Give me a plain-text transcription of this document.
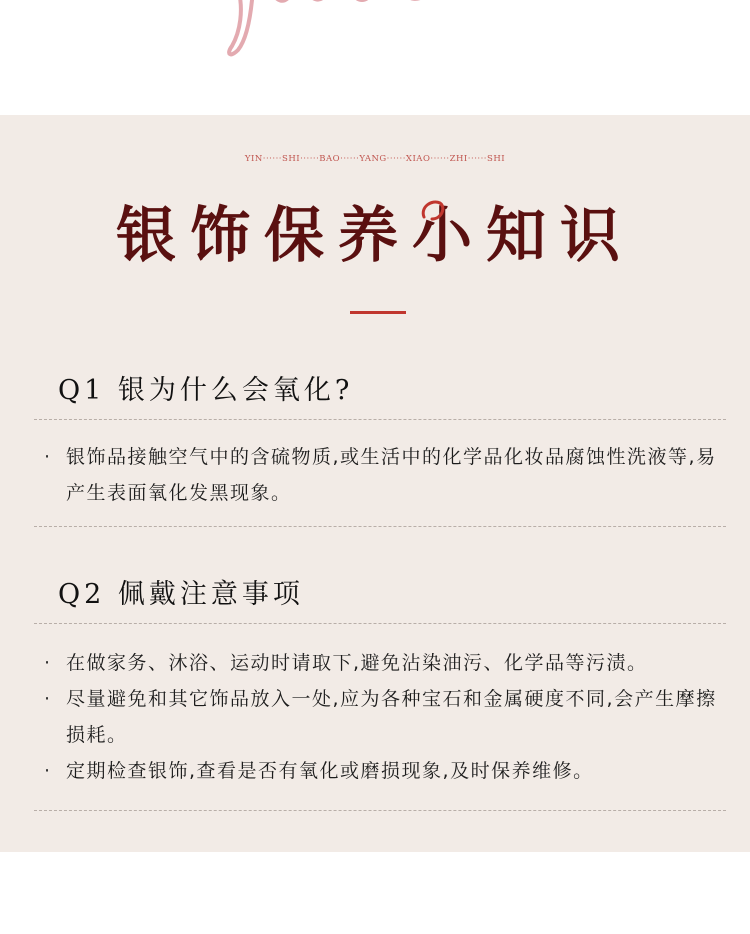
YIN······SHI······BAO······YANG······XIAO······ZHI······SHI
银饰保养小知识
Q1 银为什么会氧化?
· 银饰品接触空气中的含硫物质,或生活中的化学品化妆品腐蚀性洗液等,易产生表面氧化发黑现象。
Q2 佩戴注意事项
· 在做家务、沐浴、运动时请取下,避免沾染油污、化学品等污渍。
· 尽量避免和其它饰品放入一处,应为各种宝石和金属硬度不同,会产生摩擦损耗。
· 定期检查银饰,查看是否有氧化或磨损现象,及时保养维修。
